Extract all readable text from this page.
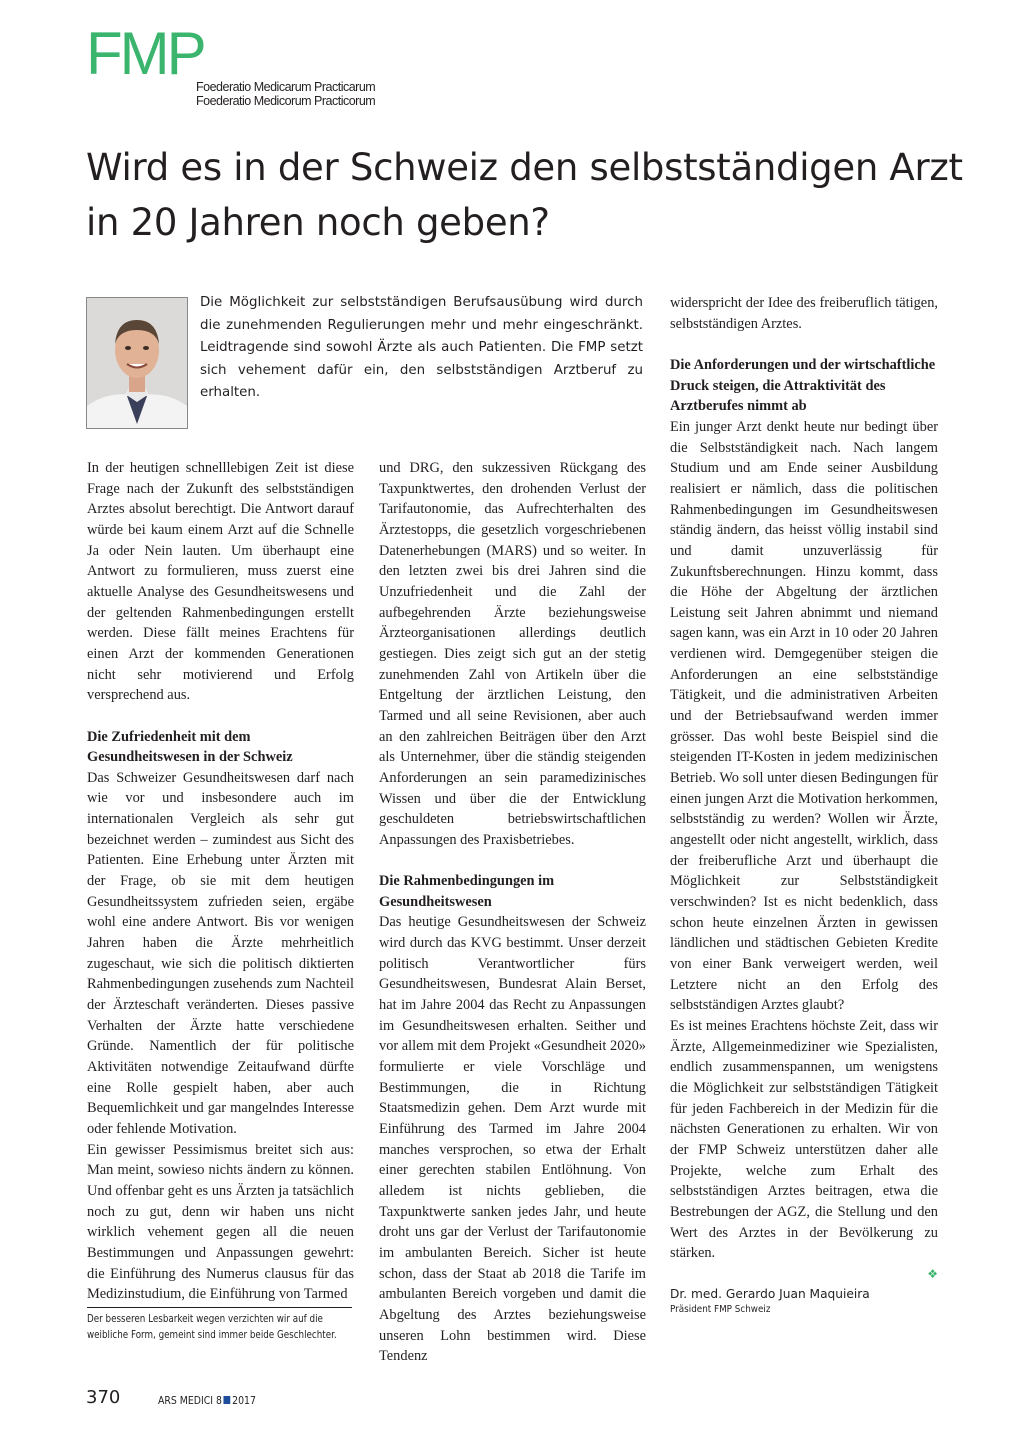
FMP
Foederatio Medicarum Practicarum
Foederatio Medicorum Practicorum
Wird es in der Schweiz den selbstständigen Arzt in 20 Jahren noch geben?

Die Möglichkeit zur selbstständigen Berufsausübung wird durch die zunehmenden Regulierungen mehr und mehr eingeschränkt. Leidtragende sind sowohl Ärzte als auch Patienten. Die FMP setzt sich vehement dafür ein, den selbstständigen Arztberuf zu erhalten.

In der heutigen schnelllebigen Zeit ist diese Frage nach der Zukunft des selbstständigen Arztes absolut berechtigt. Die Antwort darauf würde bei kaum einem Arzt auf die Schnelle Ja oder Nein lauten. Um überhaupt eine Antwort zu formulieren, muss zuerst eine aktuelle Analyse des Gesundheitswesens und der geltenden Rahmenbedingungen erstellt werden. Diese fällt meines Erachtens für einen Arzt der kommenden Generationen nicht sehr motivierend und Erfolg versprechend aus.

Die Zufriedenheit mit dem Gesundheitswesen in der Schweiz

Das Schweizer Gesundheitswesen darf nach wie vor und insbesondere auch im internationalen Vergleich als sehr gut bezeichnet werden – zumindest aus Sicht des Patienten. Eine Erhebung unter Ärzten mit der Frage, ob sie mit dem heutigen Gesundheitssystem zufrieden seien, ergäbe wohl eine andere Antwort. Bis vor wenigen Jahren haben die Ärzte mehrheitlich zugeschaut, wie sich die politisch diktierten Rahmenbedingungen zusehends zum Nachteil der Ärzteschaft veränderten. Dieses passive Verhalten der Ärzte hatte verschiedene Gründe. Namentlich der für politische Aktivitäten notwendige Zeitaufwand dürfte eine Rolle gespielt haben, aber auch Bequemlichkeit und gar mangelndes Interesse oder fehlende Motivation.

Ein gewisser Pessimismus breitet sich aus: Man meint, sowieso nichts ändern zu können. Und offenbar geht es uns Ärzten ja tatsächlich noch zu gut, denn wir haben uns nicht wirklich vehement gegen all die neuen Bestimmungen und Anpassungen gewehrt: die Einführung des Numerus clausus für das Medizinstudium, die Einführung von Tarmed

und DRG, den sukzessiven Rückgang des Taxpunktwertes, den drohenden Verlust der Tarifautonomie, das Aufrechterhalten des Ärztestopps, die gesetzlich vorgeschriebenen Datenerhebungen (MARS) und so weiter. In den letzten zwei bis drei Jahren sind die Unzufriedenheit und die Zahl der aufbegehrenden Ärzte beziehungsweise Ärzteorganisationen allerdings deutlich gestiegen. Dies zeigt sich gut an der stetig zunehmenden Zahl von Artikeln über die Entgeltung der ärztlichen Leistung, den Tarmed und all seine Revisionen, aber auch an den zahlreichen Beiträgen über den Arzt als Unternehmer, über die ständig steigenden Anforderungen an sein paramedizinisches Wissen und über die der Entwicklung geschuldeten betriebswirtschaftlichen Anpassungen des Praxisbetriebes.

Die Rahmenbedingungen im Gesundheitswesen

Das heutige Gesundheitswesen der Schweiz wird durch das KVG bestimmt. Unser derzeit politisch Verantwortlicher fürs Gesundheitswesen, Bundesrat Alain Berset, hat im Jahre 2004 das Recht zu Anpassungen im Gesundheitswesen erhalten. Seither und vor allem mit dem Projekt «Gesundheit 2020» formulierte er viele Vorschläge und Bestimmungen, die in Richtung Staatsmedizin gehen. Dem Arzt wurde mit Einführung des Tarmed im Jahre 2004 manches versprochen, so etwa der Erhalt einer gerechten stabilen Entlöhnung. Von alledem ist nichts geblieben, die Taxpunktwerte sanken jedes Jahr, und heute droht uns gar der Verlust der Tarifautonomie im ambulanten Bereich. Sicher ist heute schon, dass der Staat ab 2018 die Tarife im ambulanten Bereich vorgeben und damit die Abgeltung des Arztes beziehungsweise unseren Lohn bestimmen wird. Diese Tendenz

widerspricht der Idee des freiberuflich tätigen, selbstständigen Arztes.

Die Anforderungen und der wirtschaftliche Druck steigen, die Attraktivität des Arztberufes nimmt ab

Ein junger Arzt denkt heute nur bedingt über die Selbstständigkeit nach. Nach langem Studium und am Ende seiner Ausbildung realisiert er nämlich, dass die politischen Rahmenbedingungen im Gesundheitswesen ständig ändern, das heisst völlig instabil sind und damit unzuverlässig für Zukunftsberechnungen. Hinzu kommt, dass die Höhe der Abgeltung der ärztlichen Leistung seit Jahren abnimmt und niemand sagen kann, was ein Arzt in 10 oder 20 Jahren verdienen wird. Demgegenüber steigen die Anforderungen an eine selbstständige Tätigkeit, und die administrativen Arbeiten und der Betriebsaufwand werden immer grösser. Das wohl beste Beispiel sind die steigenden IT-Kosten in jedem medizinischen Betrieb. Wo soll unter diesen Bedingungen für einen jungen Arzt die Motivation herkommen, selbstständig zu werden? Wollen wir Ärzte, angestellt oder nicht angestellt, wirklich, dass der freiberufliche Arzt und überhaupt die Möglichkeit zur Selbstständigkeit verschwinden? Ist es nicht bedenklich, dass schon heute einzelnen Ärzten in gewissen ländlichen und städtischen Gebieten Kredite von einer Bank verweigert werden, weil Letztere nicht an den Erfolg des selbstständigen Arztes glaubt?

Es ist meines Erachtens höchste Zeit, dass wir Ärzte, Allgemeinmediziner wie Spezialisten, endlich zusammenspannen, um wenigstens die Möglichkeit zur selbstständigen Tätigkeit für jeden Fachbereich in der Medizin für die nächsten Generationen zu erhalten. Wir von der FMP Schweiz unterstützen daher alle Projekte, welche zum Erhalt des selbstständigen Arztes beitragen, etwa die Bestrebungen der AGZ, die Stellung und den Wert des Arztes in der Bevölkerung zu stärken.

❖
Dr. med. Gerardo Juan Maquieira
Präsident FMP Schweiz
Der besseren Lesbarkeit wegen verzichten wir auf die weibliche Form, gemeint sind immer beide Geschlechter.
370	ARS MEDICI 8 2017
